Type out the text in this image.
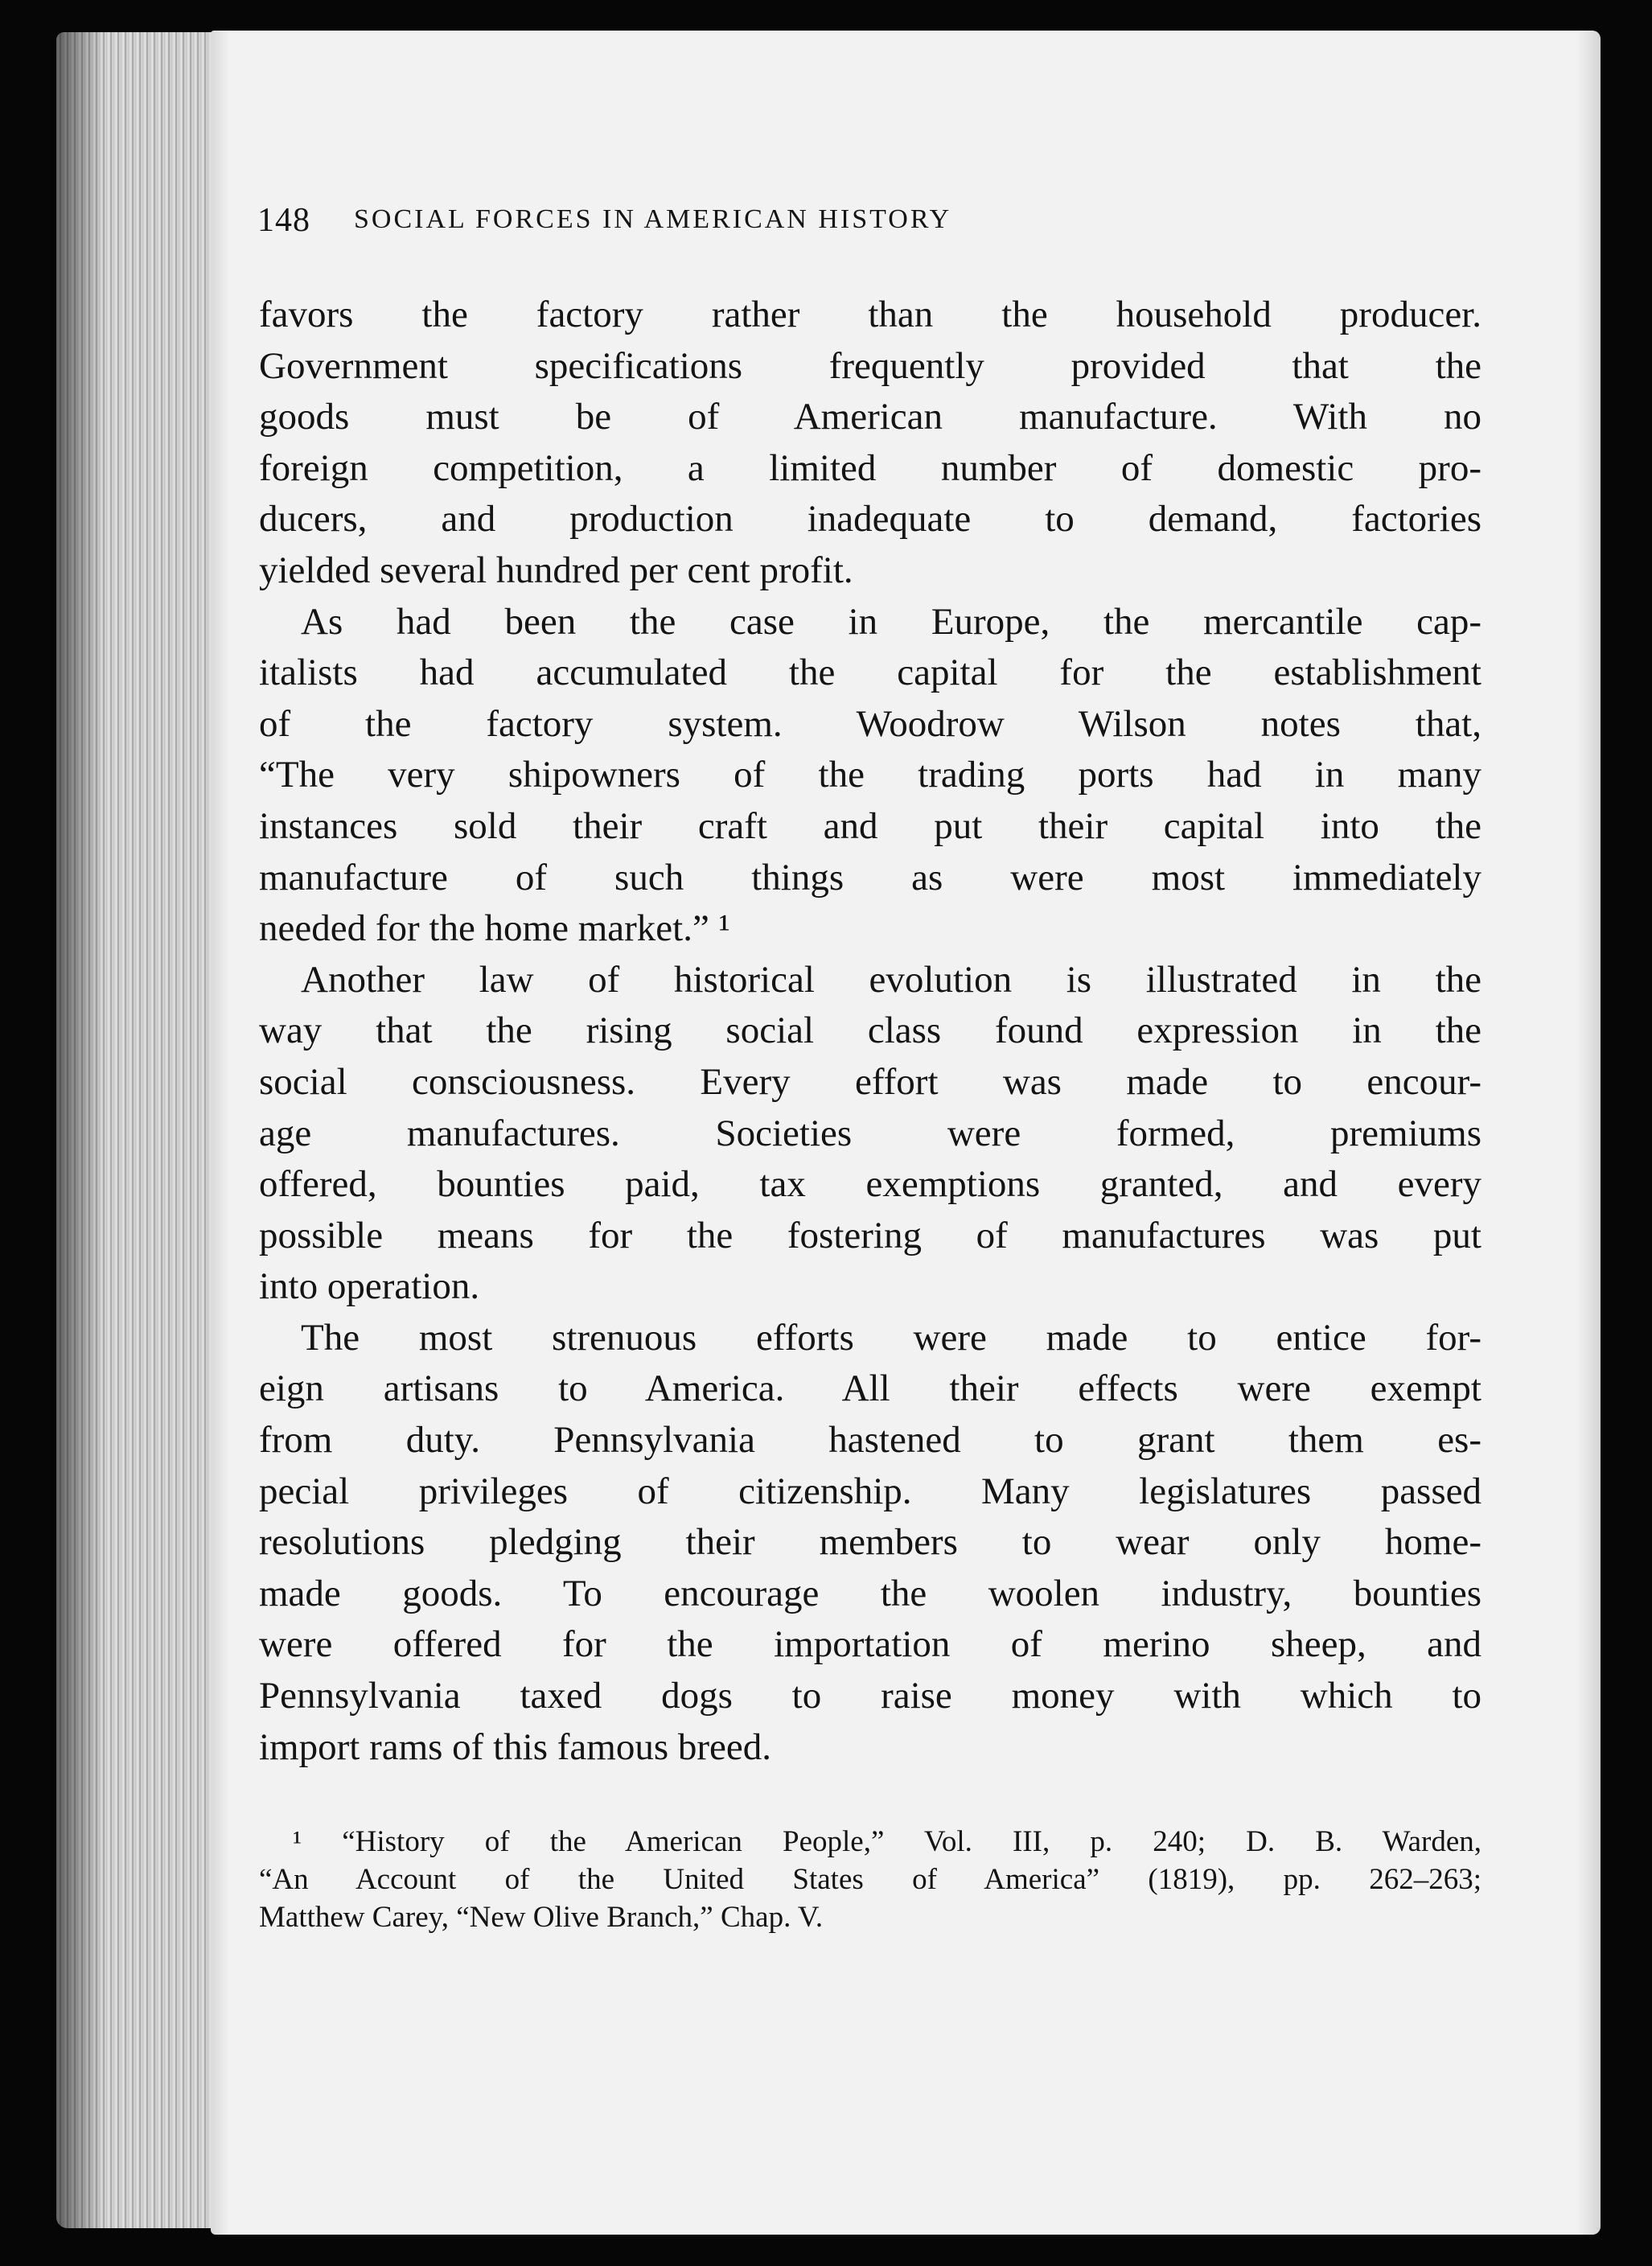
148 SOCIAL FORCES IN AMERICAN HISTORY
favors the factory rather than the household producer.
Government specifications frequently provided that the
goods must be of American manufacture. With no
foreign competition, a limited number of domestic pro-
ducers, and production inadequate to demand, factories
yielded several hundred per cent profit.
As had been the case in Europe, the mercantile cap-
italists had accumulated the capital for the establishment
of the factory system. Woodrow Wilson notes that,
“The very shipowners of the trading ports had in many
instances sold their craft and put their capital into the
manufacture of such things as were most immediately
needed for the home market.” ¹
Another law of historical evolution is illustrated in the
way that the rising social class found expression in the
social consciousness. Every effort was made to encour-
age manufactures. Societies were formed, premiums
offered, bounties paid, tax exemptions granted, and every
possible means for the fostering of manufactures was put
into operation.
The most strenuous efforts were made to entice for-
eign artisans to America. All their effects were exempt
from duty. Pennsylvania hastened to grant them es-
pecial privileges of citizenship. Many legislatures passed
resolutions pledging their members to wear only home-
made goods. To encourage the woolen industry, bounties
were offered for the importation of merino sheep, and
Pennsylvania taxed dogs to raise money with which to
import rams of this famous breed.
¹ “History of the American People,” Vol. III, p. 240; D. B. Warden,
“An Account of the United States of America” (1819), pp. 262–263;
Matthew Carey, “New Olive Branch,” Chap. V.
